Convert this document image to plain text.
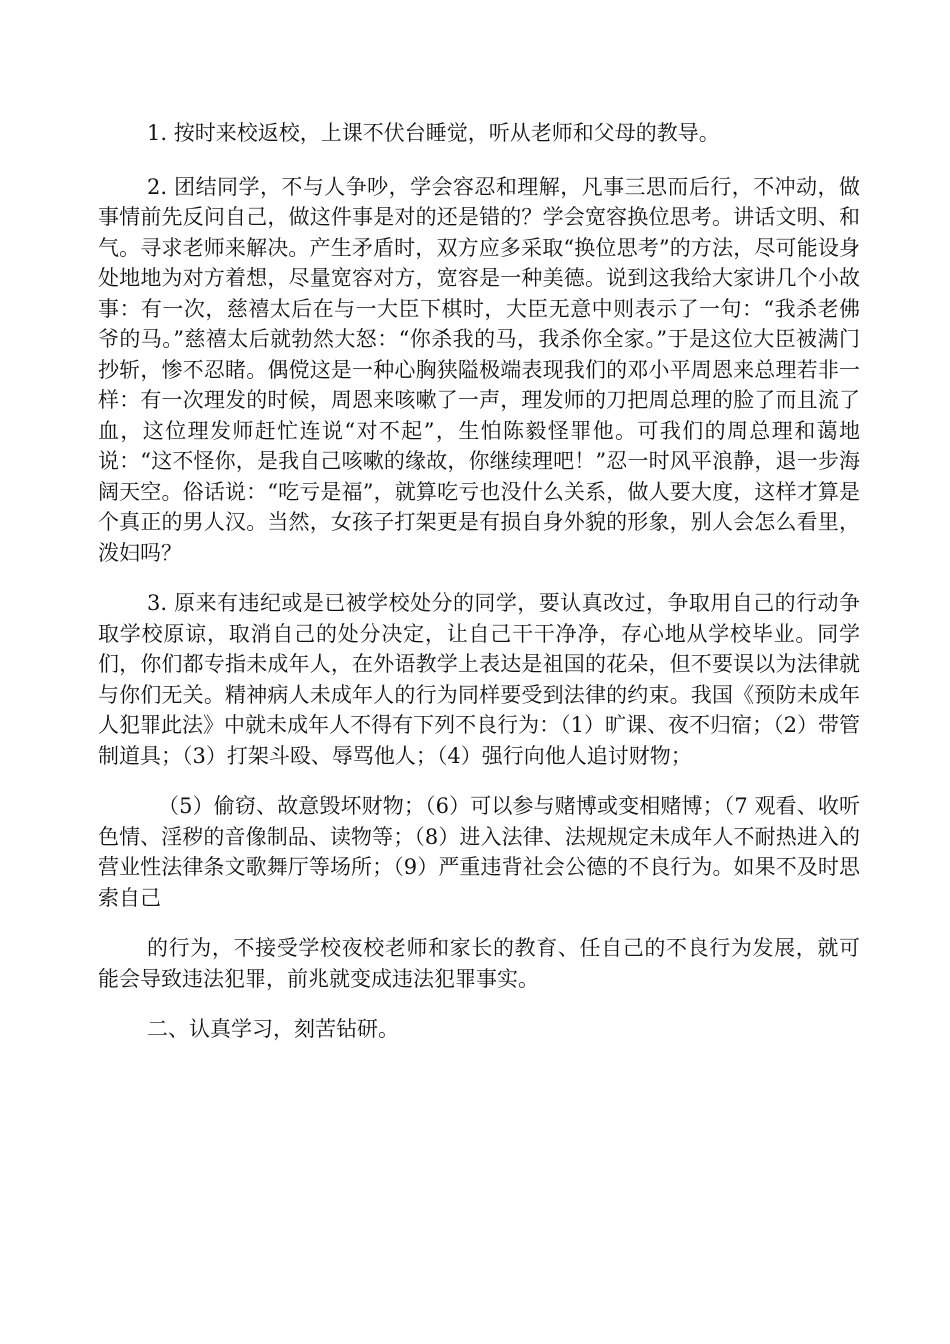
1. 按时来校返校，上课不伏台睡觉，听从老师和父母的教导。

2. 团结同学，不与人争吵，学会容忍和理解，凡事三思而后行，不冲动，做事情前先反问自己，做这件事是对的还是错的？学会宽容换位思考。讲话文明、和气。寻求老师来解决。产生矛盾时，双方应多采取“换位思考”的方法，尽可能设身处地地为对方着想，尽量宽容对方，宽容是一种美德。说到这我给大家讲几个小故事：有一次，慈禧太后在与一大臣下棋时，大臣无意中则表示了一句：“我杀老佛爷的马。”慈禧太后就勃然大怒：“你杀我的马，我杀你全家。”于是这位大臣被满门抄斩，惨不忍睹。偶傥这是一种心胸狭隘极端表现我们的邓小平周恩来总理若非一样：有一次理发的时候，周恩来咳嗽了一声，理发师的刀把周总理的脸了而且流了血，这位理发师赶忙连说“对不起”，生怕陈毅怪罪他。可我们的周总理和蔼地说：“这不怪你，是我自己咳嗽的缘故，你继续理吧！”忍一时风平浪静，退一步海阔天空。俗话说：“吃亏是福”，就算吃亏也没什么关系，做人要大度，这样才算是个真正的男人汉。当然，女孩子打架更是有损自身外貌的形象，别人会怎么看里，泼妇吗？

3. 原来有违纪或是已被学校处分的同学，要认真改过，争取用自己的行动争取学校原谅，取消自己的处分决定，让自己干干净净，存心地从学校毕业。同学们，你们都专指未成年人，在外语教学上表达是祖国的花朵，但不要误以为法律就与你们无关。精神病人未成年人的行为同样要受到法律的约束。我国《预防未成年人犯罪此法》中就未成年人不得有下列不良行为：（1）旷课、夜不归宿；（2）带管制道具；（3）打架斗殴、辱骂他人；（4）强行向他人追讨财物；

（5）偷窃、故意毁坏财物；（6）可以参与赌博或变相赌博；（7 观看、收听色情、淫秽的音像制品、读物等；（8）进入法律、法规规定未成年人不耐热进入的营业性法律条文歌舞厅等场所；（9）严重违背社会公德的不良行为。如果不及时思索自己

的行为，不接受学校夜校老师和家长的教育、任自己的不良行为发展，就可能会导致违法犯罪，前兆就变成违法犯罪事实。

二、认真学习，刻苦钻研。
